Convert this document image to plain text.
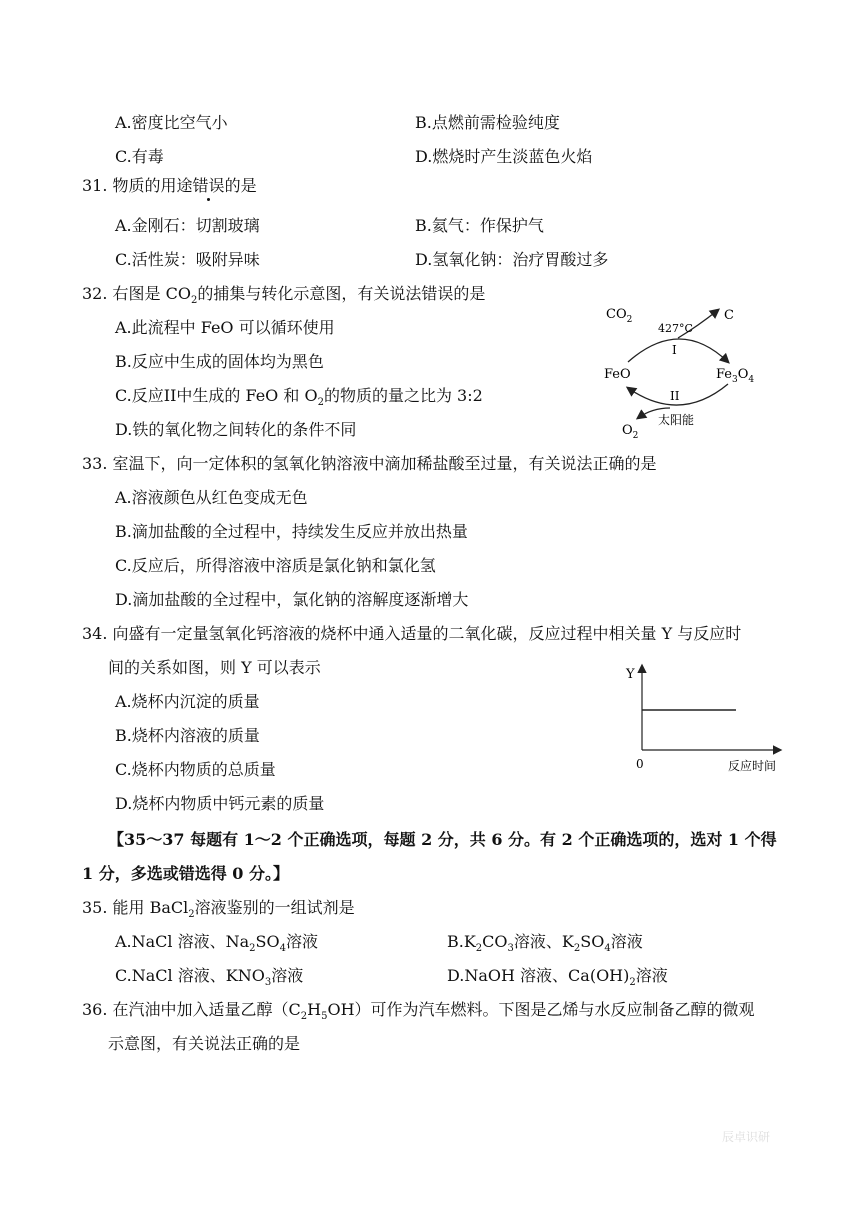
A.密度比空气小	B.点燃前需检验纯度
C.有毒	D.燃烧时产生淡蓝色火焰
31. 物质的用途错误的是
A.金刚石：切割玻璃	B.氦气：作保护气
C.活性炭：吸附异味	D.氢氧化钠：治疗胃酸过多
32. 右图是 $CO_2$的捕集与转化示意图，有关说法错误的是
A.此流程中 FeO 可以循环使用
B.反应中生成的固体均为黑色
C.反应II中生成的 FeO 和 $O_2$的物质的量之比为 3:2
D.铁的氧化物之间转化的条件不同
$CO_2$
427°C
C
I
FeO	$Fe_3O_4$
II
太阳能
$O_2$
33. 室温下，向一定体积的氢氧化钠溶液中滴加稀盐酸至过量，有关说法正确的是
A.溶液颜色从红色变成无色
B.滴加盐酸的全过程中，持续发生反应并放出热量
C.反应后，所得溶液中溶质是氯化钠和氯化氢
D.滴加盐酸的全过程中，氯化钠的溶解度逐渐增大
34. 向盛有一定量氢氧化钙溶液的烧杯中通入适量的二氧化碳，反应过程中相关量 Y 与反应时
间的关系如图，则 Y 可以表示
A.烧杯内沉淀的质量
B.烧杯内溶液的质量
C.烧杯内物质的总质量
D.烧杯内物质中钙元素的质量
Y
0	反应时间
【35～37 每题有 1～2 个正确选项，每题 2 分，共 6 分。有 2 个正确选项的，选对 1 个得
1 分，多选或错选得 0 分。】
35. 能用 BaCl$_2$溶液鉴别的一组试剂是
A.NaCl 溶液、$Na_2SO_4$溶液	$B.K_2CO_3$溶液、$K_2SO_4$溶液
C.NaCl 溶液、$KNO_3$溶液	D.NaOH 溶液、$Ca(OH)_2$溶液
36. 在汽油中加入适量乙醇$(C_2H_5OH)$可作为汽车燃料。下图是乙烯与水反应制备乙醇的微观
示意图，有关说法正确的是
辰卓识研
